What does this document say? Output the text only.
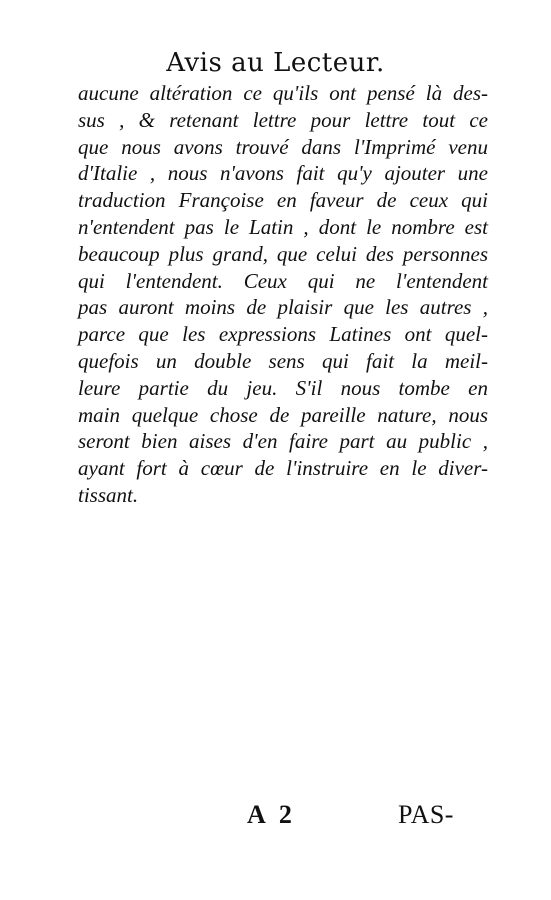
Avis au Lecteur.
aucune altération ce qu'ils ont pensé là des-
sus , & retenant lettre pour lettre tout ce
que nous avons trouvé dans l'Imprimé venu
d'Italie , nous n'avons fait qu'y ajouter une
traduction Françoise en faveur de ceux qui
n'entendent pas le Latin , dont le nombre est
beaucoup plus grand, que celui des personnes
qui l'entendent. Ceux qui ne l'entendent
pas auront moins de plaisir que les autres ,
parce que les expressions Latines ont quel-
quefois un double sens qui fait la meil-
leure partie du jeu. S'il nous tombe en
main quelque chose de pareille nature, nous
seront bien aises d'en faire part au public ,
ayant fort à cœur de l'instruire en le diver-
tissant.
A 2	PAS-
